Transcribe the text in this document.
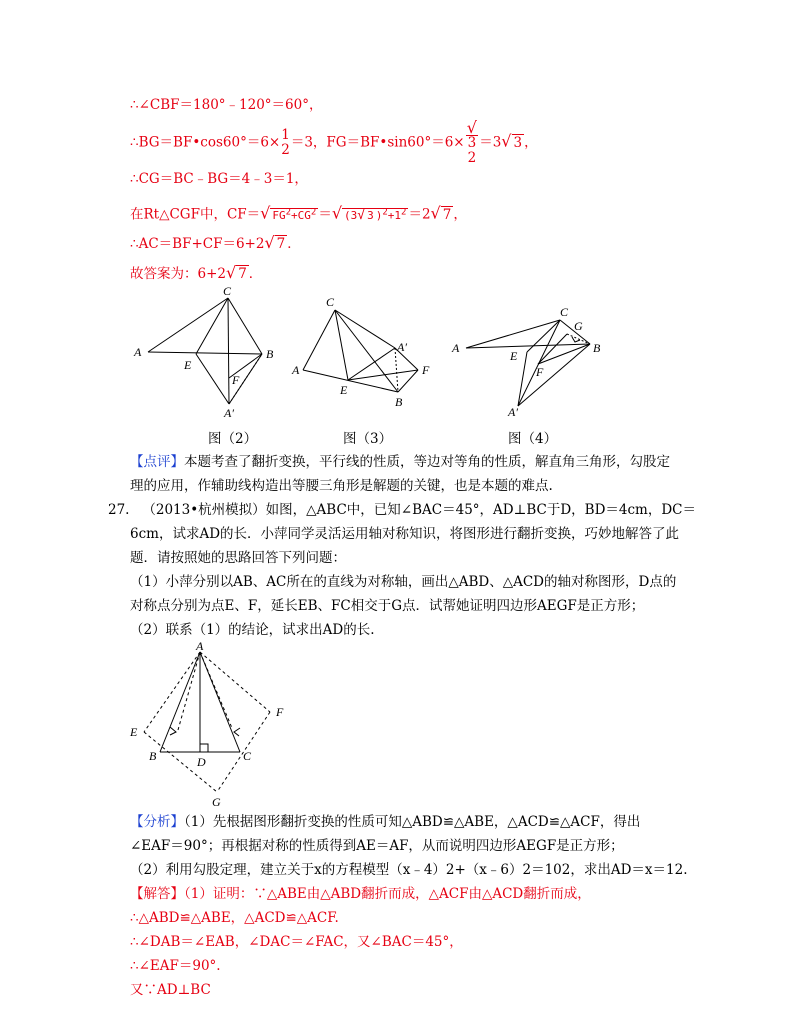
∴∠CBF＝180°﹣120°＝60°，
∴BG＝BF•cos60°＝6× 1
2 ＝3，FG＝BF•sin60°＝6×
√
3
2
＝3√ 3 ，
∴CG＝BC﹣BG＝4﹣3＝1，
在Rt△CGF中，CF＝√ $FG^2+CG^2$ ＝√ (3√ 3 )$^2+1^2 =2√$ 7 ，
∴AC＝BF+CF＝6+2√ 7 ．
故答案为：6+2√ 7 ．
C
A	B
E
F
A′
C
A
E
A′
F
B
C
G
A	B
E
F
A′
图（2）	图（3）	图（4）
【点评】本题考查了翻折变换，平行线的性质，等边对等角的性质，解直角三角形，勾股定
理的应用，作辅助线构造出等腰三角形是解题的关键，也是本题的难点.
27. （2013•杭州模拟）如图，△ABC中，已知∠BAC＝45°，AD⊥BC于D，BD＝4cm，DC＝
6cm，试求AD的长．小萍同学灵活运用轴对称知识，将图形进行翻折变换，巧妙地解答了此
题．请按照她的思路回答下列问题：
（1）小萍分别以AB、AC所在的直线为对称轴，画出△ABD、△ACD的轴对称图形，D点的
对称点分别为点E、F，延长EB、FC相交于G点．试帮她证明四边形AEGF是正方形；
（2）联系（1）的结论，试求出AD的长.
A
E
F
B	D	C
G
【分析】（1）先根据图形翻折变换的性质可知△ABD≌△ABE，△ACD≌△ACF，得出
∠EAF＝90°；再根据对称的性质得到AE＝AF，从而说明四边形AEGF是正方形；
（2）利用勾股定理，建立关于x的方程模型（x﹣4）2+（x﹣6）2＝102，求出AD＝x＝12.
【解答】（1）证明：∵△ABE由△ABD翻折而成，△ACF由△ACD翻折而成，
∴△ABD≌△ABE，△ACD≌△ACF.
∴∠DAB＝∠EAB，∠DAC＝∠FAC，又∠BAC＝45°，
∴∠EAF＝90°.
又∵AD⊥BC
